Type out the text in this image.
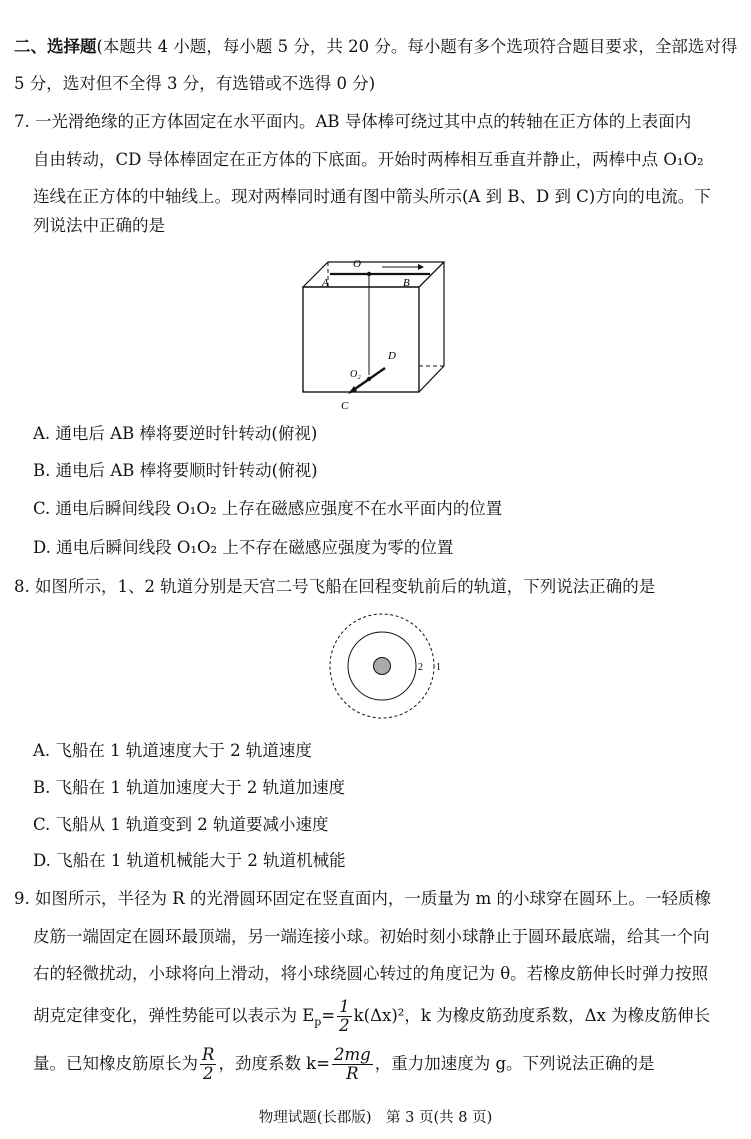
二、选择题(本题共 4 小题，每小题 5 分，共 20 分。每小题有多个选项符合题目要求，全部选对得
5 分，选对但不全得 3 分，有选错或不选得 0 分)
7. 一光滑绝缘的正方体固定在水平面内。AB 导体棒可绕过其中点的转轴在正方体的上表面内
自由转动，CD 导体棒固定在正方体的下底面。开始时两棒相互垂直并静止，两棒中点 O₁O₂
连线在正方体的中轴线上。现对两棒同时通有图中箭头所示(A 到 B、D 到 C)方向的电流。下
列说法中正确的是
A	B
O
O₂
D
C
A. 通电后 AB 棒将要逆时针转动(俯视)
B. 通电后 AB 棒将要顺时针转动(俯视)
C. 通电后瞬间线段 O₁O₂ 上存在磁感应强度不在水平面内的位置
D. 通电后瞬间线段 O₁O₂ 上不存在磁感应强度为零的位置
8. 如图所示，1、2 轨道分别是天宫二号飞船在回程变轨前后的轨道，下列说法正确的是
2 1
A. 飞船在 1 轨道速度大于 2 轨道速度
B. 飞船在 1 轨道加速度大于 2 轨道加速度
C. 飞船从 1 轨道变到 2 轨道要减小速度
D. 飞船在 1 轨道机械能大于 2 轨道机械能
9. 如图所示，半径为 R 的光滑圆环固定在竖直面内，一质量为 m 的小球穿在圆环上。一轻质橡
皮筋一端固定在圆环最顶端，另一端连接小球。初始时刻小球静止于圆环最底端，给其一个向
右的轻微扰动，小球将向上滑动，将小球绕圆心转过的角度记为 θ。若橡皮筋伸长时弹力按照
胡克定律变化，弹性势能可以表示为 $E_p= \frac{1}{2} k(\Delta x)^2$，k 为橡皮筋劲度系数，Δx 为橡皮筋伸长
量。已知橡皮筋原长为 $\frac{R}{2}$ ，劲度系数 $k= \frac{2mg}{R}$ ，重力加速度为 g。下列说法正确的是
物理试题(长郡版)　第 3 页(共 8 页)
